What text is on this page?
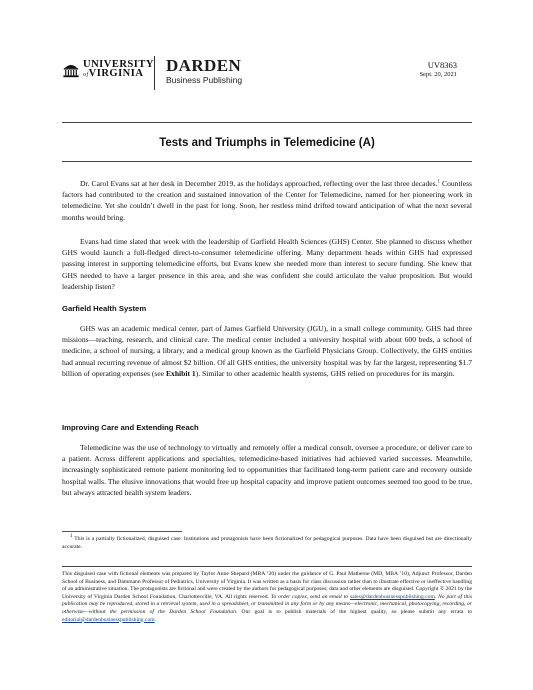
UNIVERSITY
ofVIRGINIA	DARDEN
Business Publishing
UV8363
Sept. 20, 2021
Tests and Triumphs in Telemedicine (A)

Dr. Carol Evans sat at her desk in December 2019, as the holidays approached, reflecting over the last three decades.$^1$ Countless factors had contributed to the creation and sustained innovation of the Center for Telemedicine, named for her pioneering work in telemedicine. Yet she couldn’t dwell in the past for long. Soon, her restless mind drifted toward anticipation of what the next several months would bring.

Evans had time slated that week with the leadership of Garfield Health Sciences (GHS) Center. She planned to discuss whether GHS would launch a full-fledged direct-to-consumer telemedicine offering. Many department heads within GHS had expressed passing interest in supporting telemedicine efforts, but Evans knew she needed more than interest to secure funding. She knew that GHS needed to have a larger presence in this area, and she was confident she could articulate the value proposition. But would leadership listen?

Garfield Health System

GHS was an academic medical center, part of James Garfield University (JGU), in a small college community. GHS had three missions—teaching, research, and clinical care. The medical center included a university hospital with about 600 beds, a school of medicine, a school of nursing, a library, and a medical group known as the Garfield Physicians Group. Collectively, the GHS entities had annual recurring revenue of almost $2 billion. Of all GHS entities, the university hospital was by far the largest, representing $1.7 billion of operating expenses (see Exhibit 1). Similar to other academic health systems, GHS relied on procedures for its margin.

Improving Care and Extending Reach

Telemedicine was the use of technology to virtually and remotely offer a medical consult, oversee a procedure, or deliver care to a patient. Across different applications and specialties, telemedicine-based initiatives had achieved varied successes. Meanwhile, increasingly sophisticated remote patient monitoring led to opportunities that facilitated long-term patient care and recovery outside hospital walls. The elusive innovations that would free up hospital capacity and improve patient outcomes seemed too good to be true, but always attracted health system leaders.

$^1$ This is a partially fictionalized, disguised case. Institutions and protagonists have been fictionalized for pedagogical purposes. Data have been disguised but are directionally accurate.

This disguised case with fictional elements was prepared by Taylor Anne Shepard (MBA ’20) under the guidance of G. Paul Matherne (MD, MBA ’10), Adjunct Professor, Darden School of Business, and Dammann Professor of Pediatrics, University of Virginia. It was written as a basis for class discussion rather than to illustrate effective or ineffective handling of an administrative situation. The protagonists are fictional and were created by the authors for pedagogical purposes; data and other elements are disguised. Copyright © 2021 by the University of Virginia Darden School Foundation, Charlottesville, VA. All rights reserved. To order copies, send an email to sales@dardenbusinesspublishing.com. No part of this publication may be reproduced, stored in a retrieval system, used in a spreadsheet, or transmitted in any form or by any means—electronic, mechanical, photocopying, recording, or otherwise—without the permission of the Darden School Foundation. Our goal is to publish materials of the highest quality, so please submit any errata to editorial@dardenbusinesspublishing.com.
